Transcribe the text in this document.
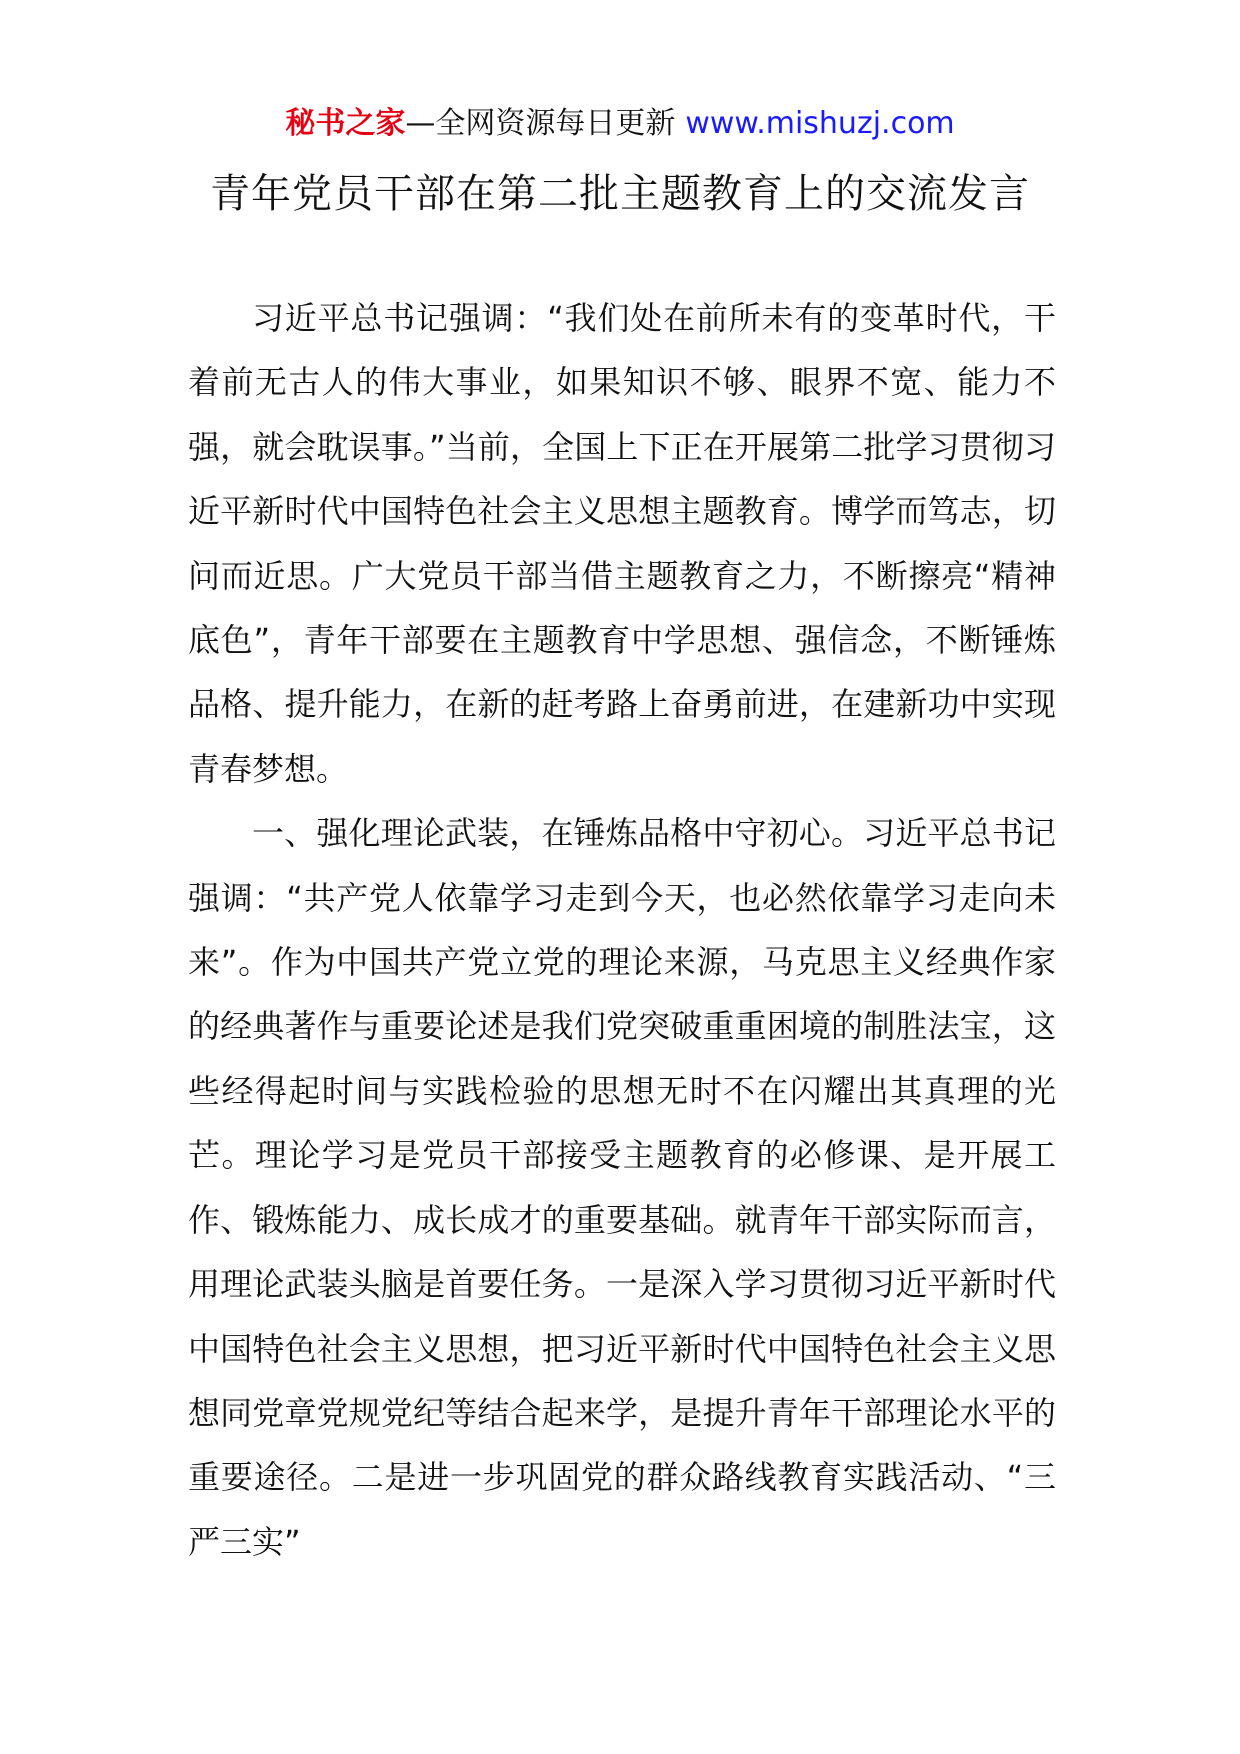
秘书之家—全网资源每日更新 www.mishuzj.com
青年党员干部在第二批主题教育上的交流发言

习近平总书记强调：“我们处在前所未有的变革时代，干着前无古人的伟大事业，如果知识不够、眼界不宽、能力不强，就会耽误事。”当前，全国上下正在开展第二批学习贯彻习近平新时代中国特色社会主义思想主题教育。博学而笃志，切问而近思。广大党员干部当借主题教育之力，不断擦亮“精神底色”，青年干部要在主题教育中学思想、强信念，不断锤炼品格、提升能力，在新的赶考路上奋勇前进，在建新功中实现青春梦想。

一、强化理论武装，在锤炼品格中守初心。习近平总书记强调：“共产党人依靠学习走到今天，也必然依靠学习走向未来”。作为中国共产党立党的理论来源，马克思主义经典作家的经典著作与重要论述是我们党突破重重困境的制胜法宝，这些经得起时间与实践检验的思想无时不在闪耀出其真理的光芒。理论学习是党员干部接受主题教育的必修课、是开展工作、锻炼能力、成长成才的重要基础。就青年干部实际而言，用理论武装头脑是首要任务。一是深入学习贯彻习近平新时代中国特色社会主义思想，把习近平新时代中国特色社会主义思想同党章党规党纪等结合起来学，是提升青年干部理论水平的重要途径。二是进一步巩固党的群众路线教育实践活动、“三严三实”
